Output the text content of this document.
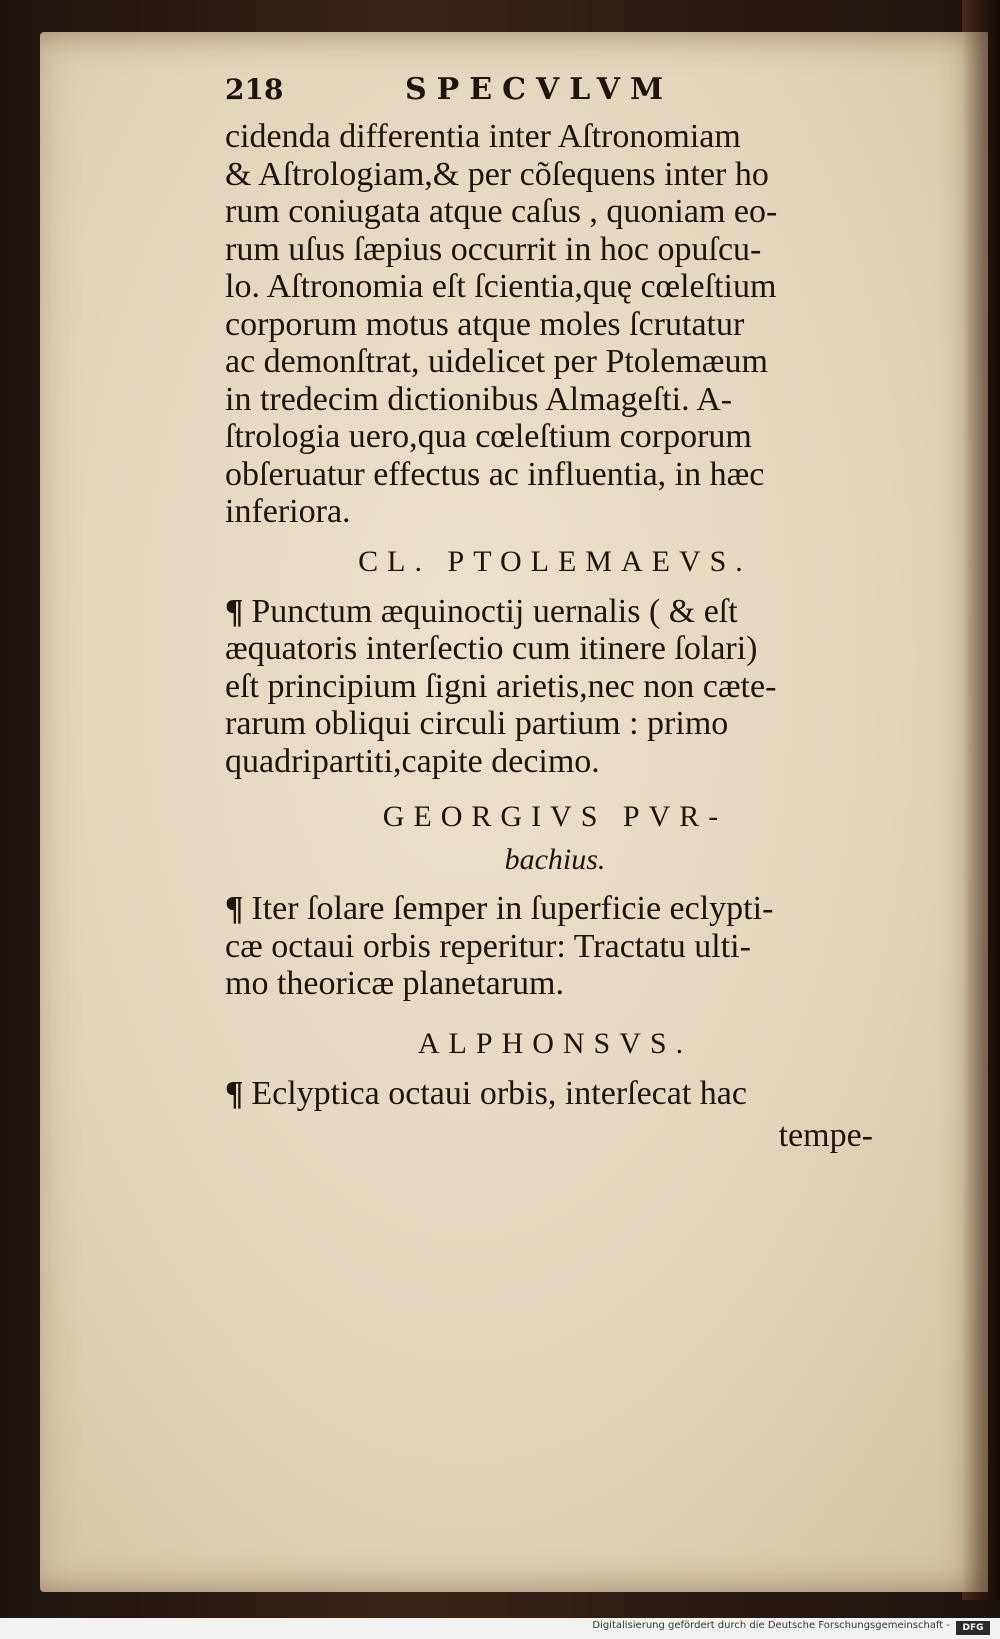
218	SPECVLVM

cidenda differentia inter Aſtronomiam
& Aſtrologiam,& per cõſequens inter ho
rum coniugata atque caſus , quoniam eo-
rum uſus ſæpius occurrit in hoc opuſcu-
lo. Aſtronomia eſt ſcientia,quę cœleſtium
corporum motus atque moles ſcrutatur
ac demonſtrat, uidelicet per Ptolemæum
in tredecim dictionibus Almageſti. A-
ſtrologia uero,qua cœleſtium corporum
obſeruatur effectus ac influentia, in hæc
inferiora.

CL. PTOLEMAEVS.

¶ Punctum æquinoctij uernalis ( & eſt
æquatoris interſectio cum itinere ſolari)
eſt principium ſigni arietis,nec non cæte-
rarum obliqui circuli partium : primo
quadripartiti,capite decimo.

GEORGIVS PVR-
bachius.

¶ Iter ſolare ſemper in ſuperficie eclypti-
cæ octaui orbis reperitur: Tractatu ulti-
mo theoricæ planetarum.

ALPHONSVS.

¶ Eclyptica octaui orbis, interſecat hac

tempe-
Digitalisierung gefördert durch die Deutsche Forschungsgemeinschaft -	DFG
